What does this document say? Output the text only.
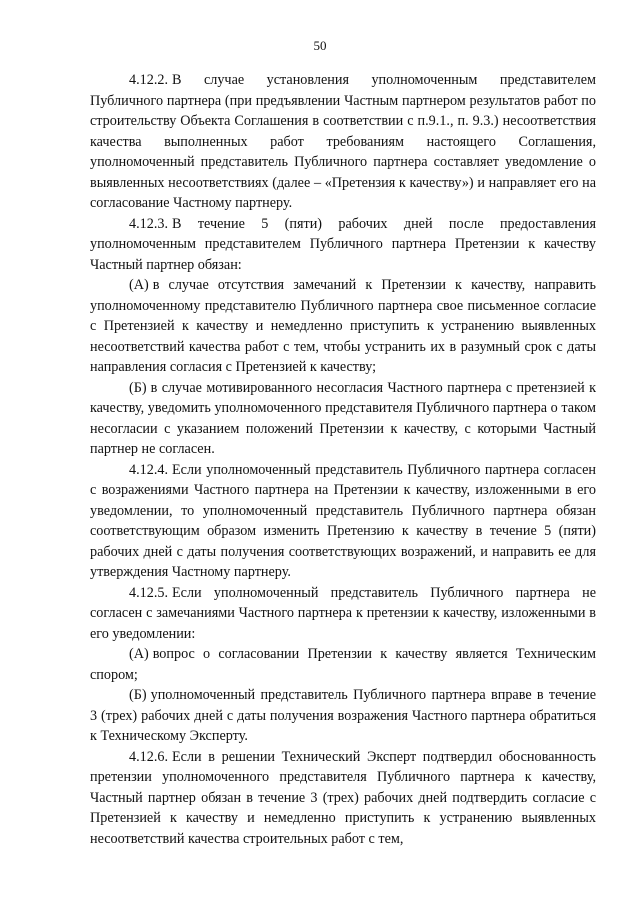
50

4.12.2. В случае установления уполномоченным представителем Публичного партнера (при предъявлении Частным партнером результатов работ по строительству Объекта Соглашения в соответствии с п.9.1., п. 9.3.) несоответствия качества выполненных работ требованиям настоящего Соглашения, уполномоченный представитель Публичного партнера составляет уведомление о выявленных несоответствиях (далее – «Претензия к качеству») и направляет его на согласование Частному партнеру.

4.12.3. В течение 5 (пяти) рабочих дней после предоставления уполномоченным представителем Публичного партнера Претензии к качеству Частный партнер обязан:

(А) в случае отсутствия замечаний к Претензии к качеству, направить уполномоченному представителю Публичного партнера свое письменное согласие с Претензией к качеству и немедленно приступить к устранению выявленных несоответствий качества работ с тем, чтобы устранить их в разумный срок с даты направления согласия с Претензией к качеству;

(Б) в случае мотивированного несогласия Частного партнера с претензией к качеству, уведомить уполномоченного представителя Публичного партнера о таком несогласии с указанием положений Претензии к качеству, с которыми Частный партнер не согласен.

4.12.4. Если уполномоченный представитель Публичного партнера согласен с возражениями Частного партнера на Претензии к качеству, изложенными в его уведомлении, то уполномоченный представитель Публичного партнера обязан соответствующим образом изменить Претензию к качеству в течение 5 (пяти) рабочих дней с даты получения соответствующих возражений, и направить ее для утверждения Частному партнеру.

4.12.5. Если уполномоченный представитель Публичного партнера не согласен с замечаниями Частного партнера к претензии к качеству, изложенными в его уведомлении:

(А) вопрос о согласовании Претензии к качеству является Техническим спором;

(Б) уполномоченный представитель Публичного партнера вправе в течение 3 (трех) рабочих дней с даты получения возражения Частного партнера обратиться к Техническому Эксперту.

4.12.6. Если в решении Технический Эксперт подтвердил обоснованность претензии уполномоченного представителя Публичного партнера к качеству, Частный партнер обязан в течение 3 (трех) рабочих дней подтвердить согласие с Претензией к качеству и немедленно приступить к устранению выявленных несоответствий качества строительных работ с тем,
